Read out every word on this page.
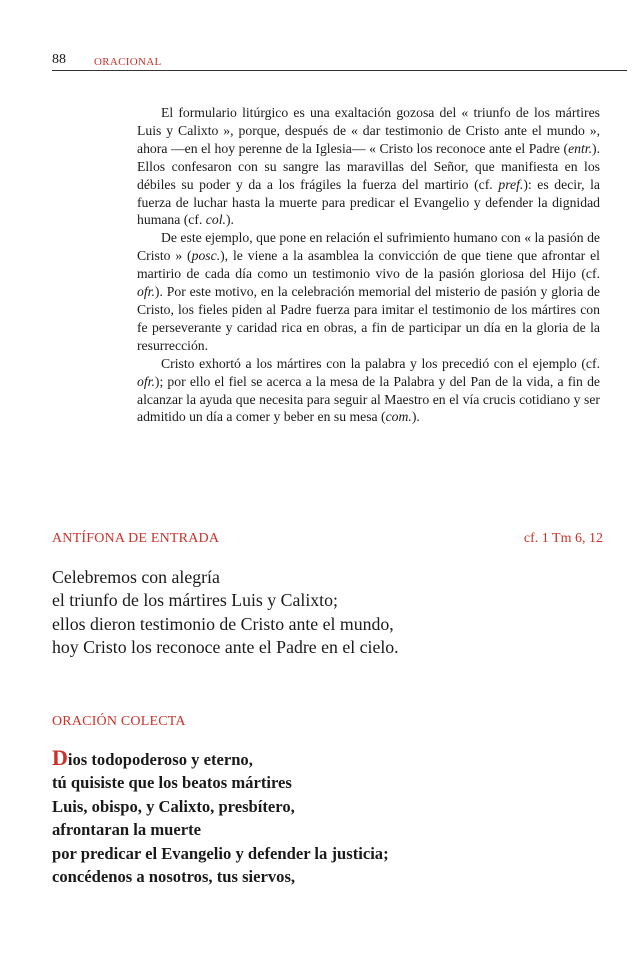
88	ORACIONAL

El formulario litúrgico es una exaltación gozosa del « triunfo de los mártires Luis y Calixto », porque, después de « dar testimonio de Cristo ante el mundo », ahora —en el hoy perenne de la Iglesia— « Cristo los reconoce ante el Padre (entr.). Ellos confesaron con su sangre las maravillas del Señor, que manifiesta en los débiles su poder y da a los frágiles la fuerza del martirio (cf. pref.): es decir, la fuerza de luchar hasta la muerte para predicar el Evangelio y defender la dignidad humana (cf. col.).

De este ejemplo, que pone en relación el sufrimiento humano con « la pasión de Cristo » (posc.), le viene a la asamblea la convicción de que tiene que afrontar el martirio de cada día como un testimonio vivo de la pasión gloriosa del Hijo (cf. ofr.). Por este motivo, en la celebración memorial del misterio de pasión y gloria de Cristo, los fieles piden al Padre fuerza para imitar el testimonio de los mártires con fe perseverante y caridad rica en obras, a fin de participar un día en la gloria de la resurrección.

Cristo exhortó a los mártires con la palabra y los precedió con el ejemplo (cf. ofr.); por ello el fiel se acerca a la mesa de la Palabra y del Pan de la vida, a fin de alcanzar la ayuda que necesita para seguir al Maestro en el vía crucis cotidiano y ser admitido un día a comer y beber en su mesa (com.).

ANTÍFONA DE ENTRADA	cf. 1 Tm 6, 12
Celebremos con alegría
el triunfo de los mártires Luis y Calixto;
ellos dieron testimonio de Cristo ante el mundo,
hoy Cristo los reconoce ante el Padre en el cielo.
ORACIÓN COLECTA
Dios todopoderoso y eterno,
tú quisiste que los beatos mártires
Luis, obispo, y Calixto, presbítero,
afrontaran la muerte
por predicar el Evangelio y defender la justicia;
concédenos a nosotros, tus siervos,
